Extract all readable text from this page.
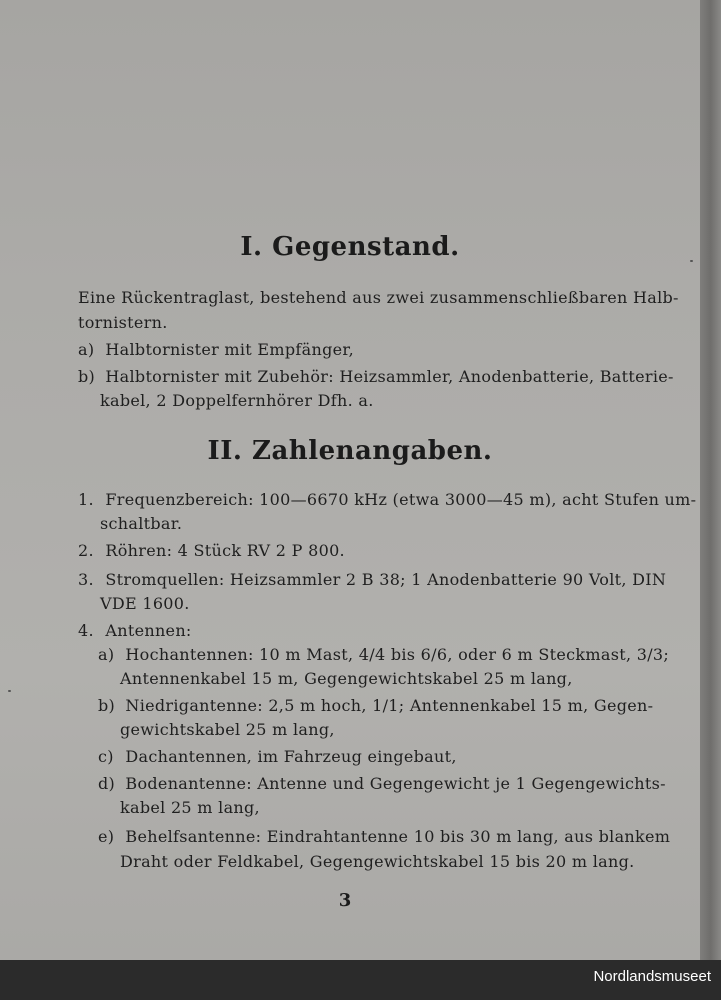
I. Gegenstand.
Eine Rückentraglast, bestehend aus zwei zusammenschließbaren Halb-
tornistern.
a) Halbtornister mit Empfänger,
b) Halbtornister mit Zubehör: Heizsammler, Anodenbatterie, Batterie-
kabel, 2 Doppelfernhörer Dfh. a.
II. Zahlenangaben.
1. Frequenzbereich: 100—6670 kHz (etwa 3000—45 m), acht Stufen um-
schaltbar.
2. Röhren: 4 Stück RV 2 P 800.
3. Stromquellen: Heizsammler 2 B 38; 1 Anodenbatterie 90 Volt, DIN
VDE 1600.
4. Antennen:
a) Hochantennen: 10 m Mast, 4/4 bis 6/6, oder 6 m Steckmast, 3/3;
Antennenkabel 15 m, Gegengewichtskabel 25 m lang,
b) Niedrigantenne: 2,5 m hoch, 1/1; Antennenkabel 15 m, Gegen-
gewichtskabel 25 m lang,
c) Dachantennen, im Fahrzeug eingebaut,
d) Bodenantenne: Antenne und Gegengewicht je 1 Gegengewichts-
kabel 25 m lang,
e) Behelfsantenne: Eindrahtantenne 10 bis 30 m lang, aus blankem
Draht oder Feldkabel, Gegengewichtskabel 15 bis 20 m lang.
3
Nordlandsmuseet
